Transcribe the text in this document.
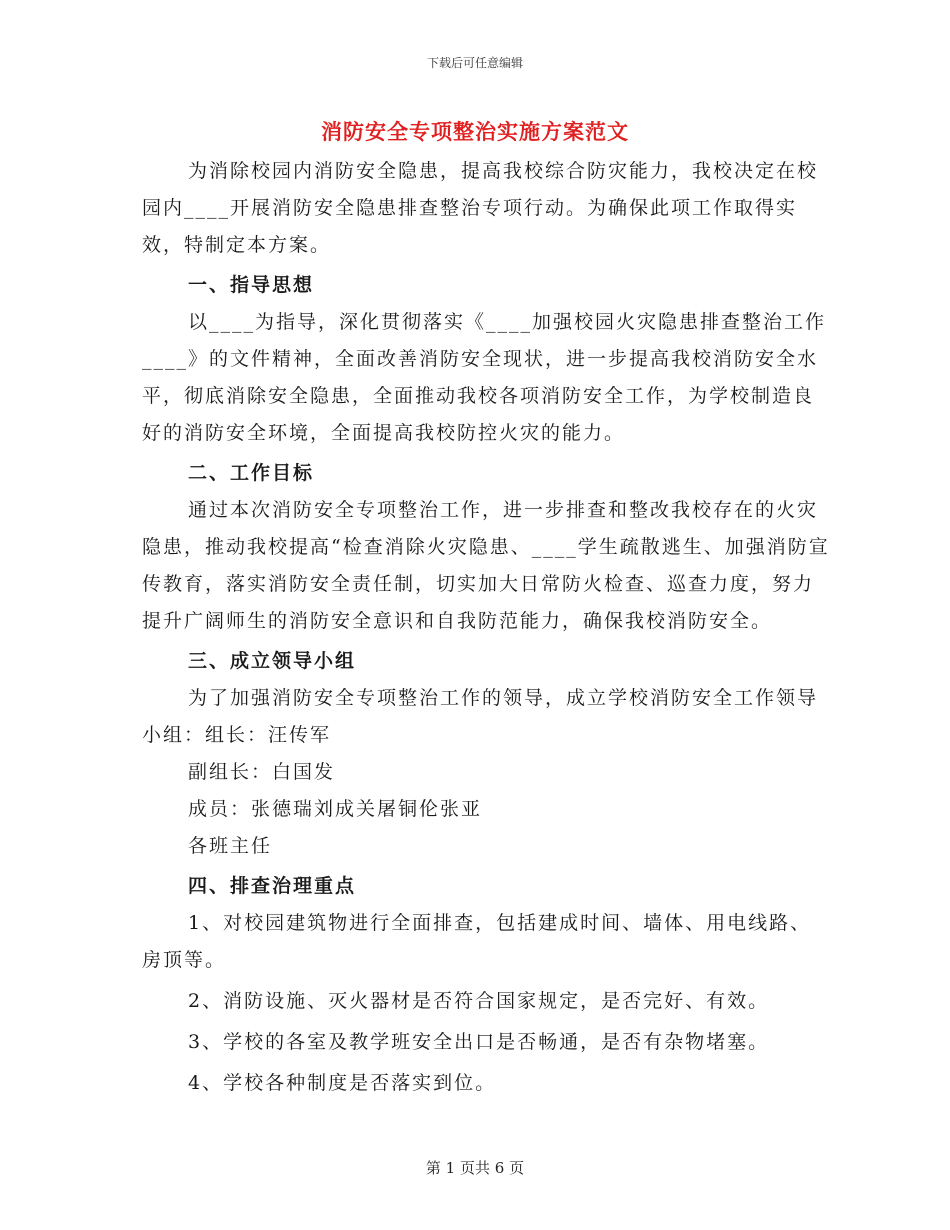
下载后可任意编辑
消防安全专项整治实施方案范文

为消除校园内消防安全隐患，提高我校综合防灾能力，我校决定在校园内____开展消防安全隐患排查整治专项行动。为确保此项工作取得实效，特制定本方案。

一、指导思想

以____为指导，深化贯彻落实《____加强校园火灾隐患排查整治工作____》的文件精神，全面改善消防安全现状，进一步提高我校消防安全水平，彻底消除安全隐患，全面推动我校各项消防安全工作，为学校制造良好的消防安全环境，全面提高我校防控火灾的能力。

二、工作目标

通过本次消防安全专项整治工作，进一步排查和整改我校存在的火灾隐患，推动我校提高“检查消除火灾隐患、____学生疏散逃生、加强消防宣传教育，落实消防安全责任制，切实加大日常防火检查、巡查力度，努力提升广阔师生的消防安全意识和自我防范能力，确保我校消防安全。

三、成立领导小组

为了加强消防安全专项整治工作的领导，成立学校消防安全工作领导小组：组长：汪传军

副组长：白国发

成员：张德瑞刘成关屠铜伦张亚

各班主任

四、排查治理重点

1、对校园建筑物进行全面排查，包括建成时间、墙体、用电线路、房顶等。

2、消防设施、灭火器材是否符合国家规定，是否完好、有效。

3、学校的各室及教学班安全出口是否畅通，是否有杂物堵塞。

4、学校各种制度是否落实到位。

第 1 页共 6 页
